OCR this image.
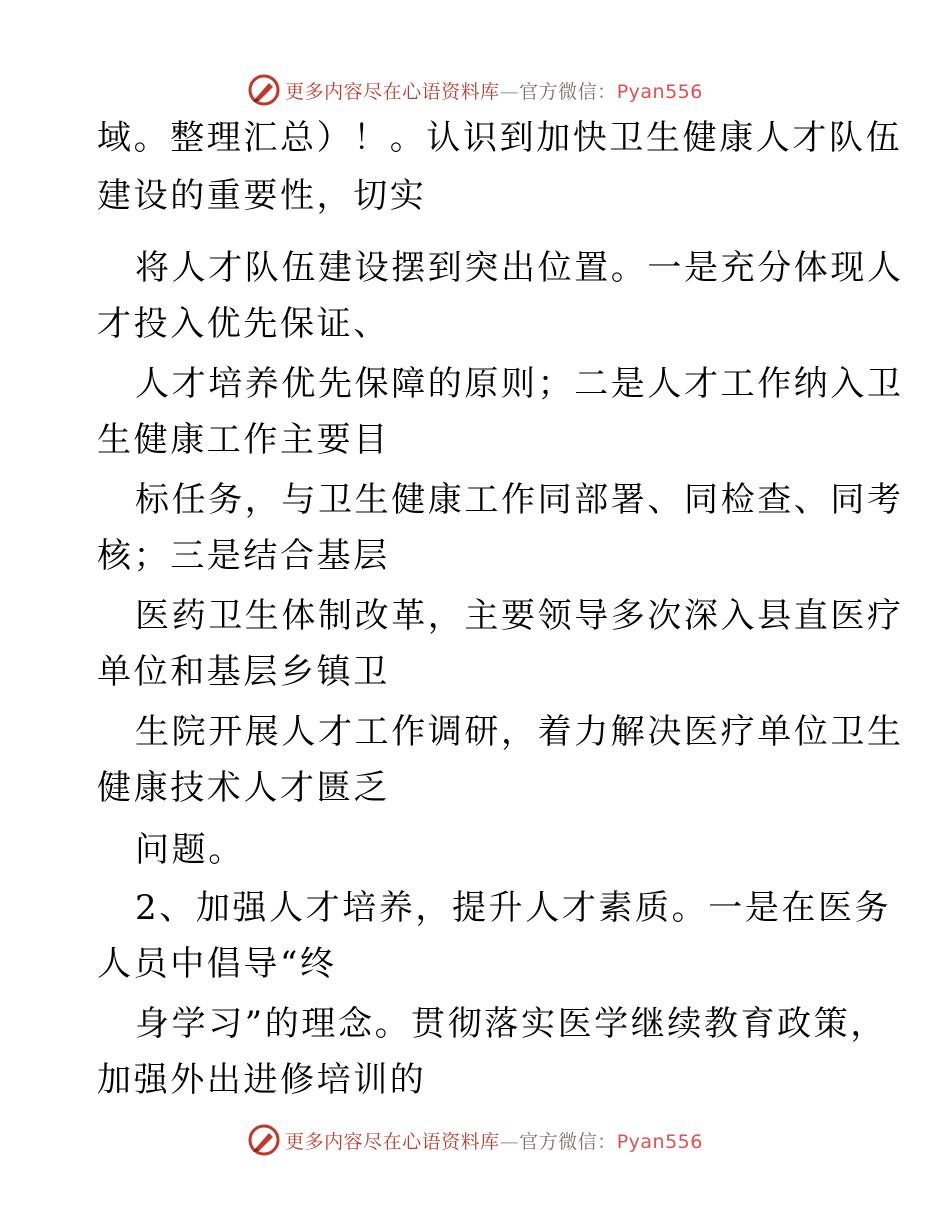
更多内容尽在心语资料库—官方微信：Pyan556
域。整理汇总）！。认识到加快卫生健康人才队伍
建设的重要性，切实
将人才队伍建设摆到突出位置。一是充分体现人
才投入优先保证、
人才培养优先保障的原则；二是人才工作纳入卫
生健康工作主要目
标任务，与卫生健康工作同部署、同检查、同考
核；三是结合基层
医药卫生体制改革，主要领导多次深入县直医疗
单位和基层乡镇卫
生院开展人才工作调研，着力解决医疗单位卫生
健康技术人才匮乏
问题。
2、加强人才培养，提升人才素质。一是在医务
人员中倡导“终
身学习”的理念。贯彻落实医学继续教育政策，
加强外出进修培训的
更多内容尽在心语资料库—官方微信：Pyan556
